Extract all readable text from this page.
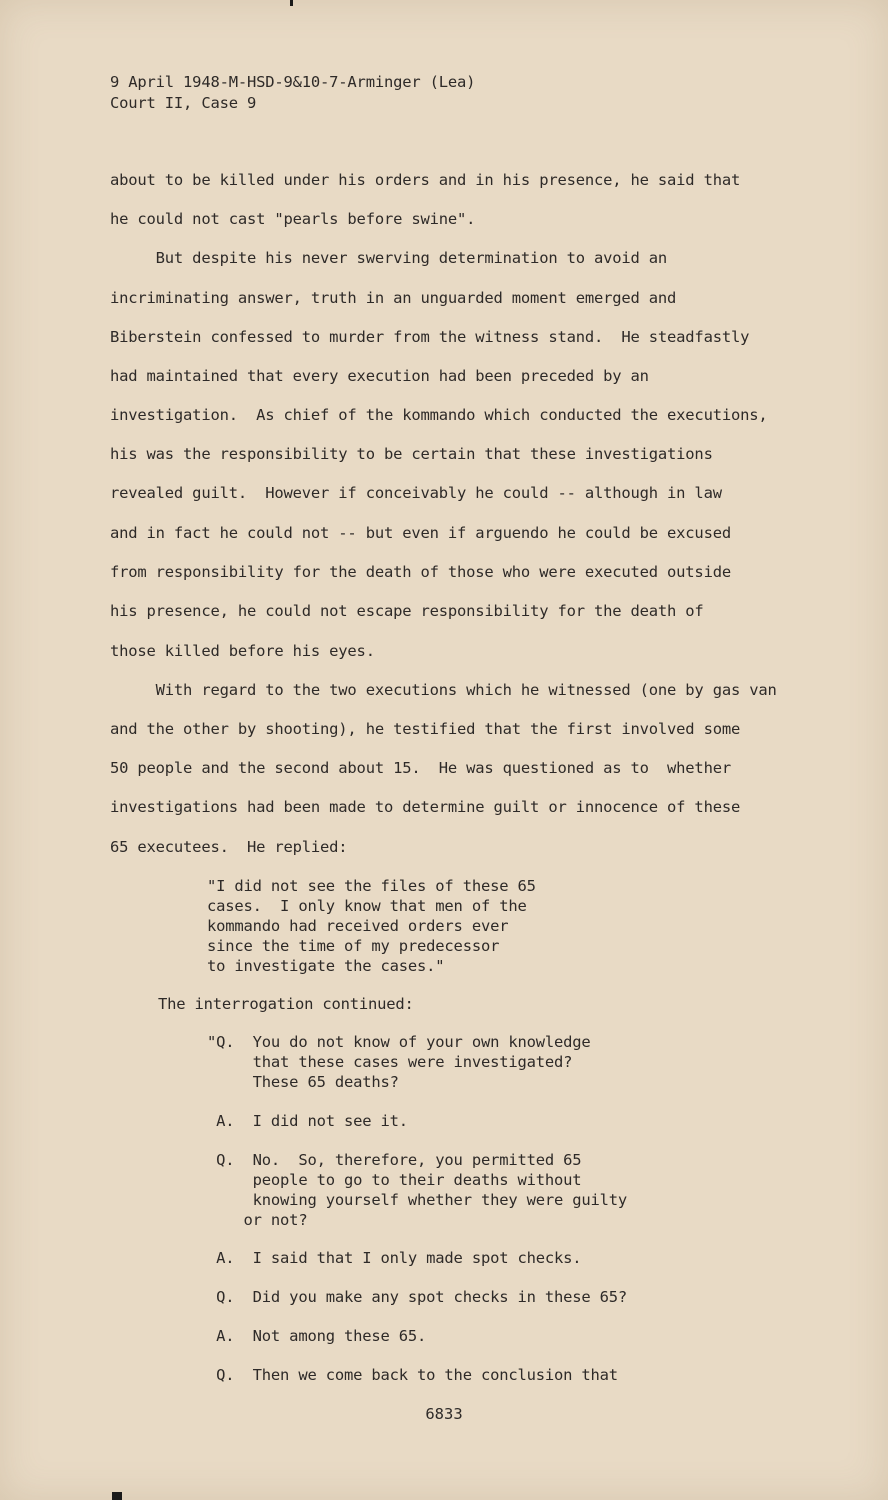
9 April 1948-M-HSD-9&10-7-Arminger (Lea)
Court II, Case 9
about to be killed under his orders and in his presence, he said that
he could not cast "pearls before swine".
But despite his never swerving determination to avoid an
incriminating answer, truth in an unguarded moment emerged and
Biberstein confessed to murder from the witness stand.  He steadfastly
had maintained that every execution had been preceded by an
investigation.  As chief of the kommando which conducted the executions,
his was the responsibility to be certain that these investigations
revealed guilt.  However if conceivably he could -- although in law
and in fact he could not -- but even if arguendo he could be excused
from responsibility for the death of those who were executed outside
his presence, he could not escape responsibility for the death of
those killed before his eyes.
With regard to the two executions which he witnessed (one by gas van
and the other by shooting), he testified that the first involved some
50 people and the second about 15.  He was questioned as to  whether
investigations had been made to determine guilt or innocence of these
65 executees.  He replied:
"I did not see the files of these 65
cases.  I only know that men of the
kommando had received orders ever
since the time of my predecessor
to investigate the cases."
The interrogation continued:
"Q.  You do not know of your own knowledge
that these cases were investigated?
These 65 deaths?
A.  I did not see it.
Q.  No.  So, therefore, you permitted 65
people to go to their deaths without
knowing yourself whether they were guilty
or not?
A.  I said that I only made spot checks.
Q.  Did you make any spot checks in these 65?
A.  Not among these 65.
Q.  Then we come back to the conclusion that
6833
